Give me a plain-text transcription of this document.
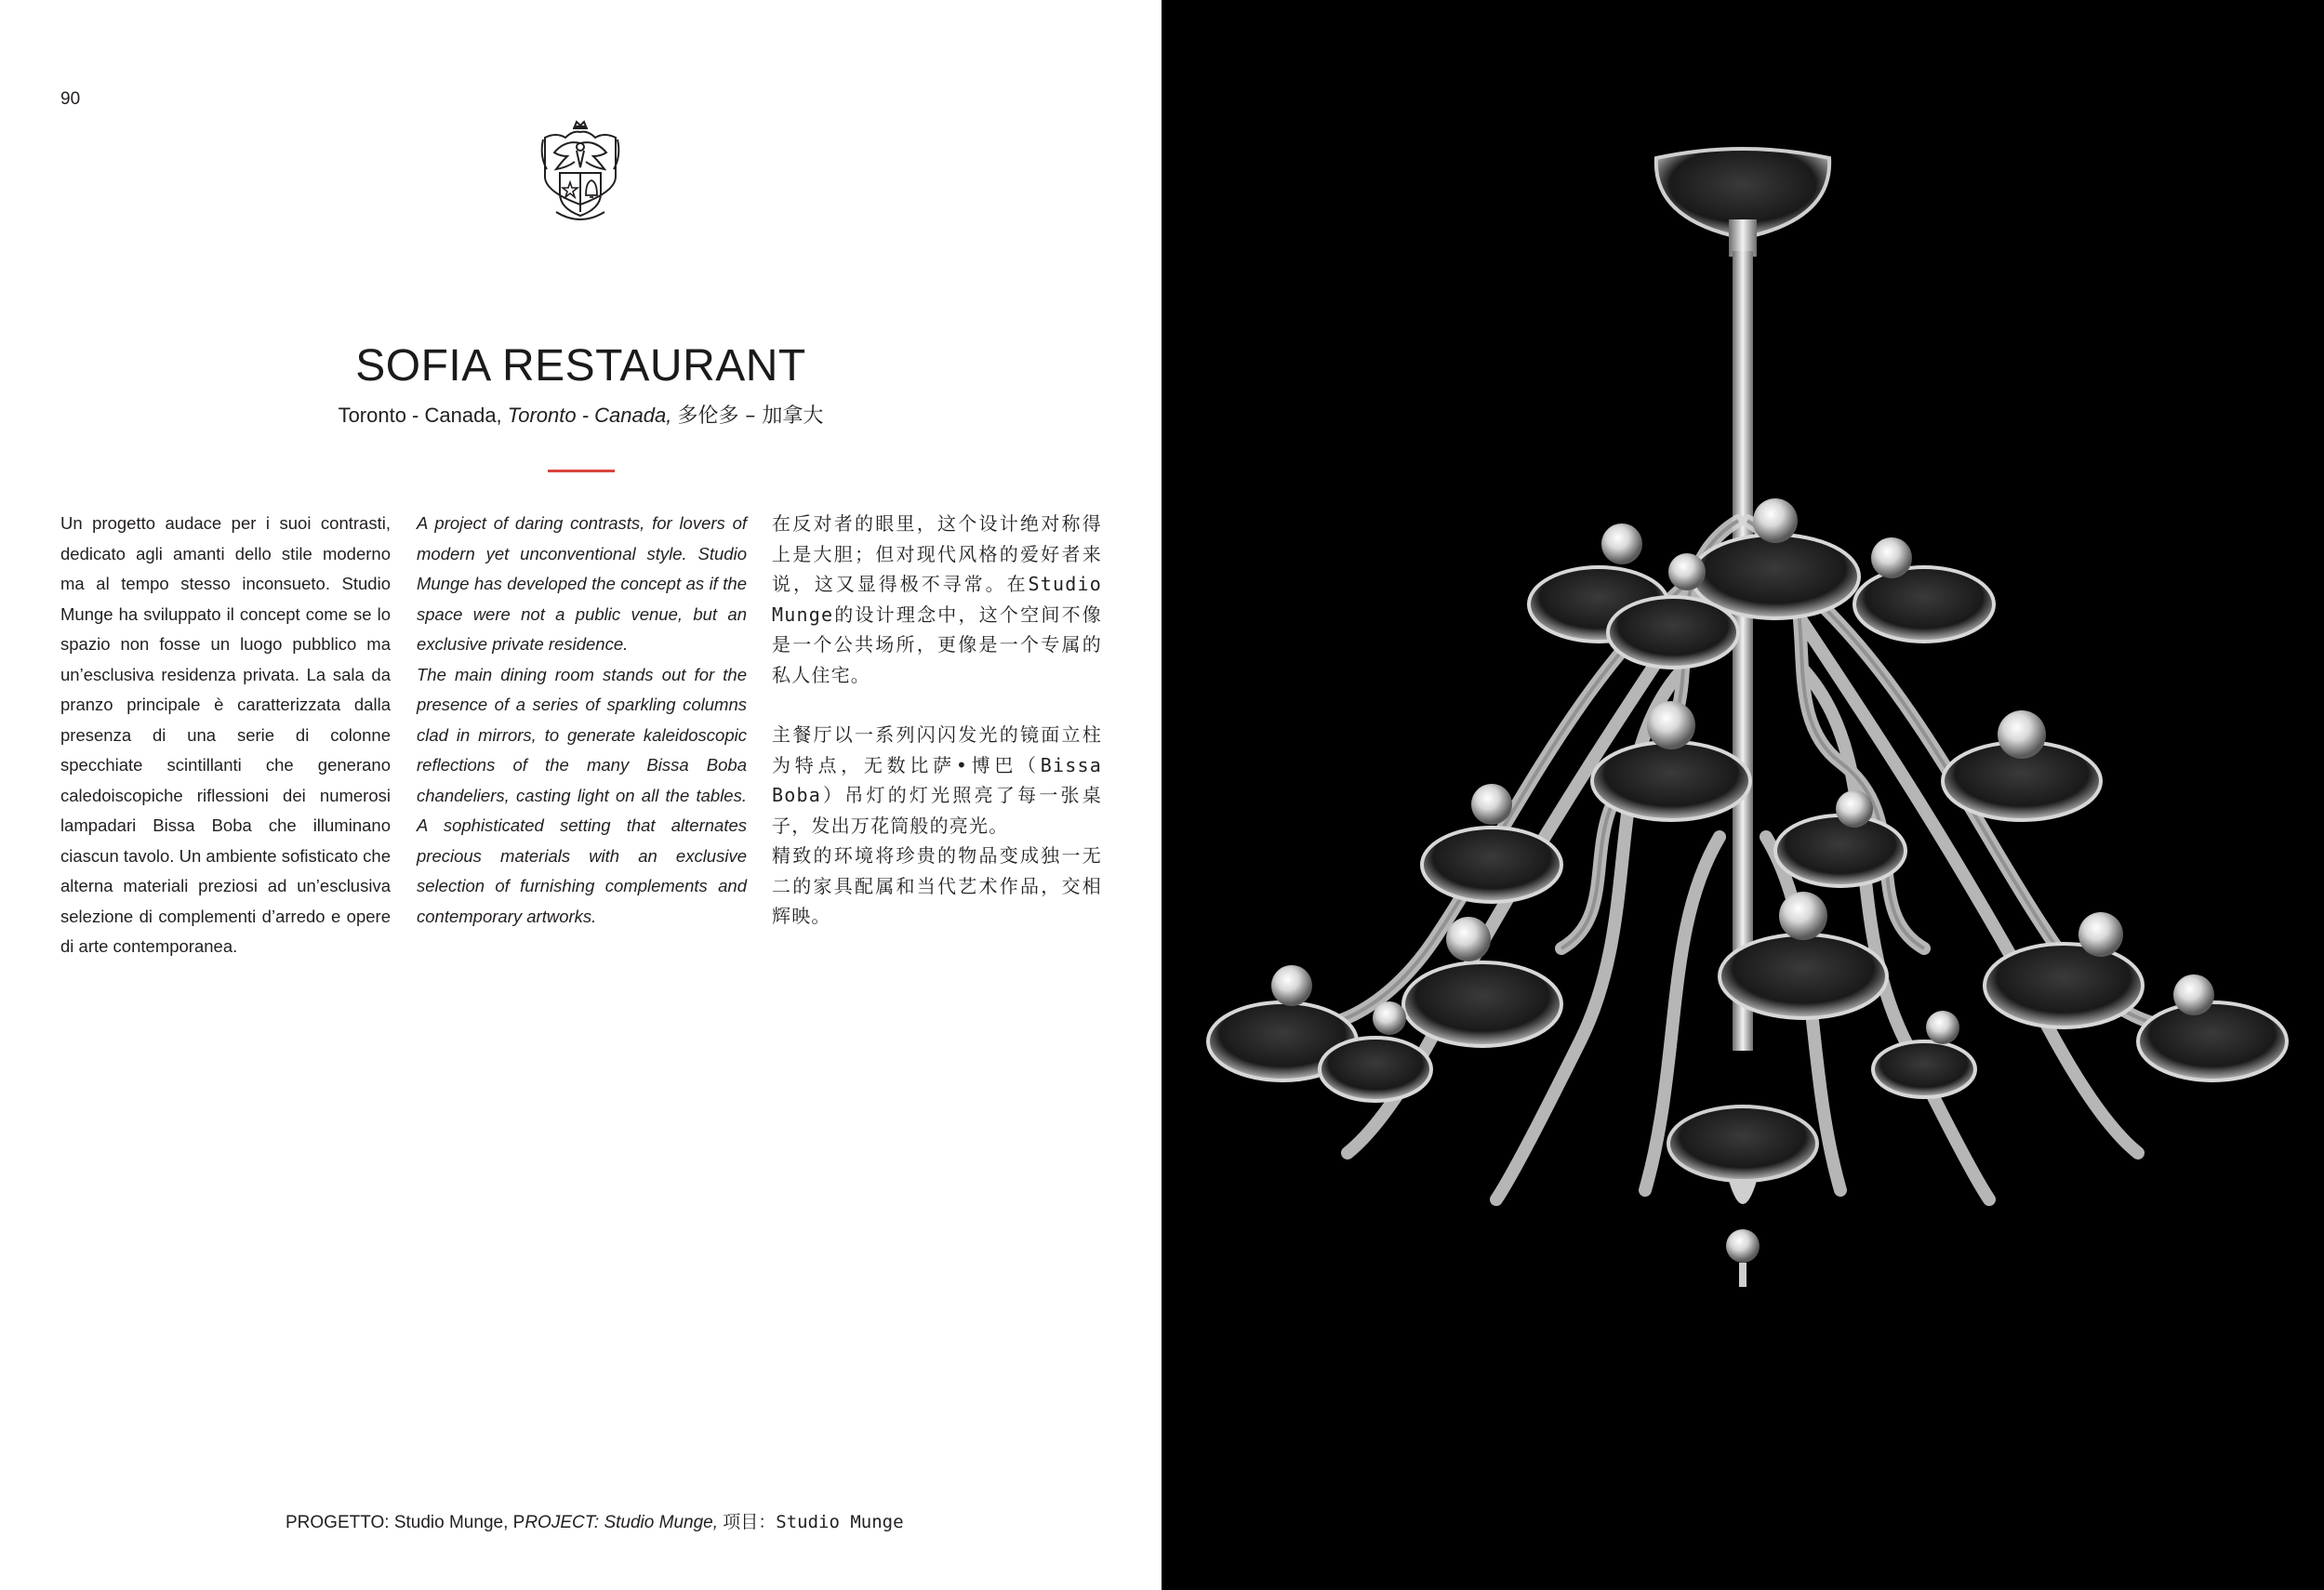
90
SOFIA RESTAURANT
Toronto - Canada, Toronto - Canada, 多伦多 – 加拿大

Un progetto audace per i suoi contrasti, dedicato agli amanti dello stile moderno ma al tempo stesso inconsueto. Studio Munge ha sviluppato il concept come se lo spazio non fosse un luogo pubblico ma un’esclusiva residenza privata. La sala da pranzo principale è caratterizzata dalla presenza di una serie di colonne specchiate scintillanti che generano caledoiscopiche riflessioni dei numerosi lampadari Bissa Boba che illuminano ciascun tavolo. Un ambiente sofisticato che alterna materiali preziosi ad un’esclusiva selezione di complementi d’arredo e opere di arte contemporanea.

A project of daring contrasts, for lovers of modern yet unconventional style. Studio Munge has developed the concept as if the space were not a public venue, but an exclusive private residence.

The main dining room stands out for the presence of a series of sparkling columns clad in mirrors, to generate kaleidoscopic reflections of the many Bissa Boba chandeliers, casting light on all the tables. A sophisticated setting that alternates precious materials with an exclusive selection of furnishing complements and contemporary artworks.

在反对者的眼里，这个设计绝对称得上是大胆；但对现代风格的爱好者来说，这又显得极不寻常。在Studio Munge的设计理念中，这个空间不像是一个公共场所，更像是一个专属的私人住宅。

主餐厅以一系列闪闪发光的镜面立柱为特点，无数比萨•博巴（Bissa Boba）吊灯的灯光照亮了每一张桌子，发出万花筒般的亮光。

精致的环境将珍贵的物品变成独一无二的家具配属和当代艺术作品，交相辉映。

PROGETTO: Studio Munge, PROJECT: Studio Munge, 项目：Studio Munge
